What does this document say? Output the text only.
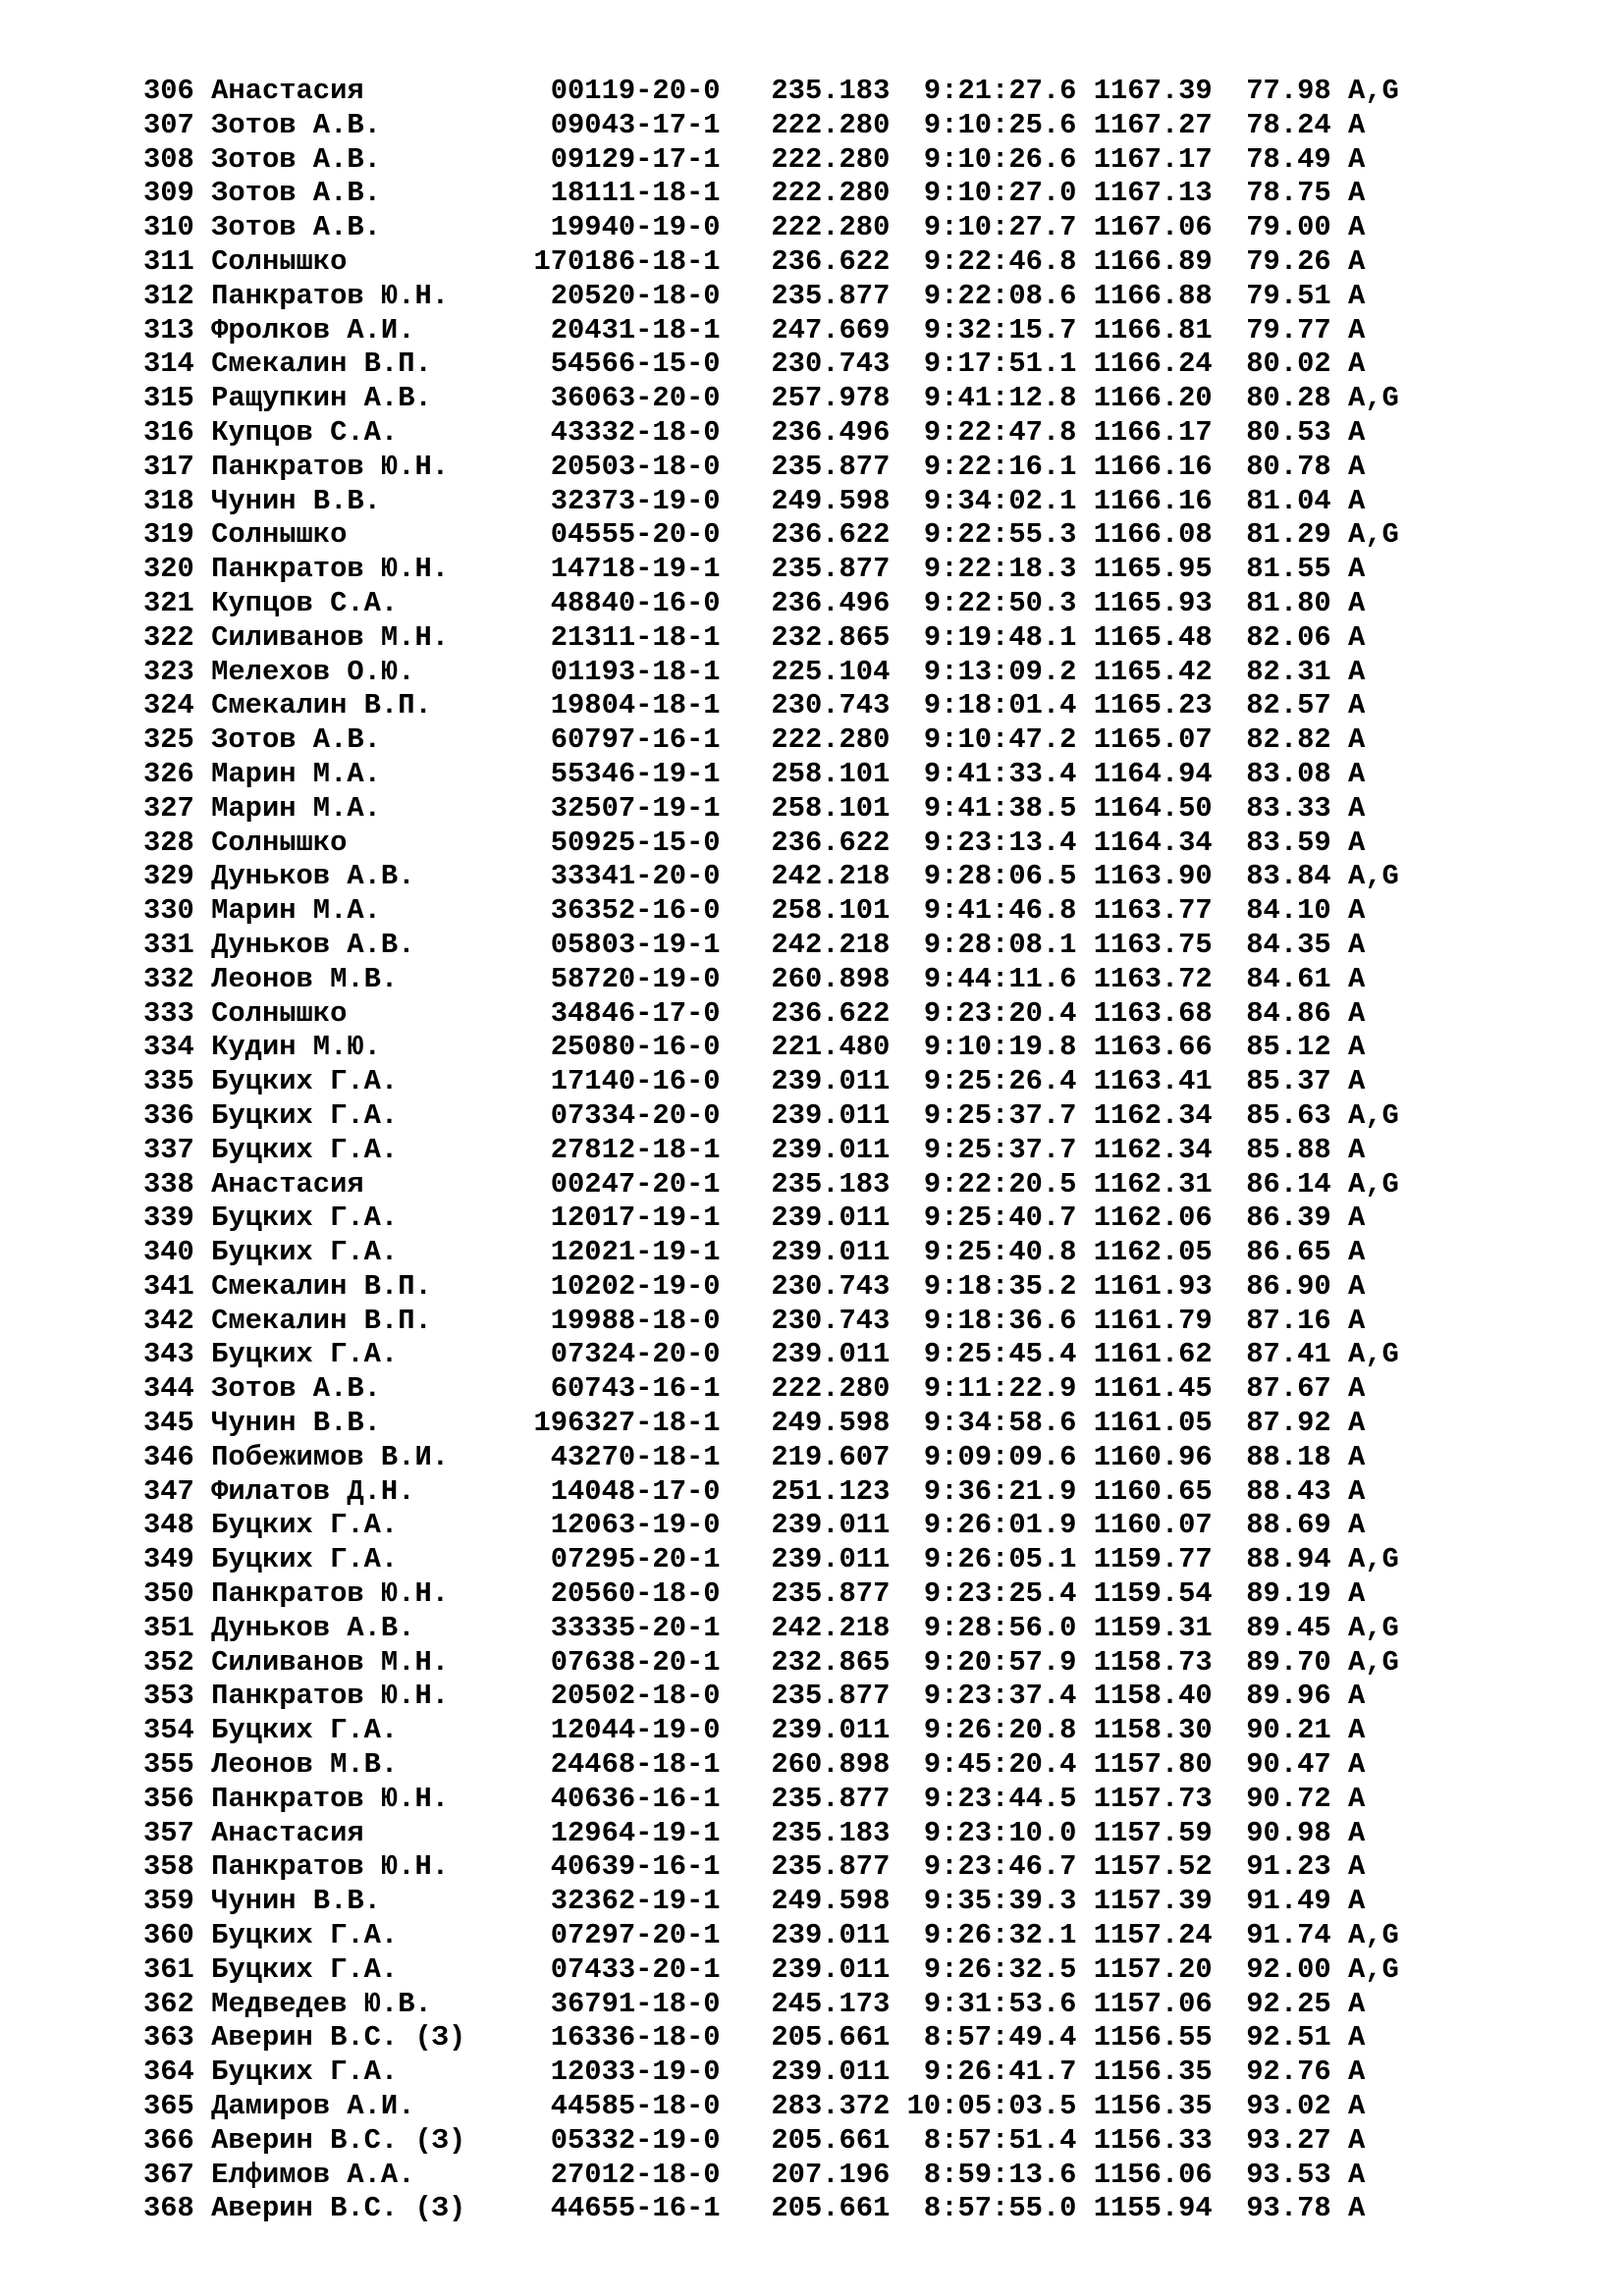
306 Анастасия           00119-20-0   235.183  9:21:27.6 1167.39  77.98 A,G
307 Зотов А.В.          09043-17-1   222.280  9:10:25.6 1167.27  78.24 A
308 Зотов А.В.          09129-17-1   222.280  9:10:26.6 1167.17  78.49 A
309 Зотов А.В.          18111-18-1   222.280  9:10:27.0 1167.13  78.75 A
310 Зотов А.В.          19940-19-0   222.280  9:10:27.7 1167.06  79.00 A
311 Солнышко           170186-18-1   236.622  9:22:46.8 1166.89  79.26 A
312 Панкратов Ю.Н.      20520-18-0   235.877  9:22:08.6 1166.88  79.51 A
313 Фролков А.И.        20431-18-1   247.669  9:32:15.7 1166.81  79.77 A
314 Смекалин В.П.       54566-15-0   230.743  9:17:51.1 1166.24  80.02 A
315 Ращупкин А.В.       36063-20-0   257.978  9:41:12.8 1166.20  80.28 A,G
316 Купцов С.А.         43332-18-0   236.496  9:22:47.8 1166.17  80.53 A
317 Панкратов Ю.Н.      20503-18-0   235.877  9:22:16.1 1166.16  80.78 A
318 Чунин В.В.          32373-19-0   249.598  9:34:02.1 1166.16  81.04 A
319 Солнышко            04555-20-0   236.622  9:22:55.3 1166.08  81.29 A,G
320 Панкратов Ю.Н.      14718-19-1   235.877  9:22:18.3 1165.95  81.55 A
321 Купцов С.А.         48840-16-0   236.496  9:22:50.3 1165.93  81.80 A
322 Силиванов М.Н.      21311-18-1   232.865  9:19:48.1 1165.48  82.06 A
323 Мелехов О.Ю.        01193-18-1   225.104  9:13:09.2 1165.42  82.31 A
324 Смекалин В.П.       19804-18-1   230.743  9:18:01.4 1165.23  82.57 A
325 Зотов А.В.          60797-16-1   222.280  9:10:47.2 1165.07  82.82 A
326 Марин М.А.          55346-19-1   258.101  9:41:33.4 1164.94  83.08 A
327 Марин М.А.          32507-19-1   258.101  9:41:38.5 1164.50  83.33 A
328 Солнышко            50925-15-0   236.622  9:23:13.4 1164.34  83.59 A
329 Дуньков А.В.        33341-20-0   242.218  9:28:06.5 1163.90  83.84 A,G
330 Марин М.А.          36352-16-0   258.101  9:41:46.8 1163.77  84.10 A
331 Дуньков А.В.        05803-19-1   242.218  9:28:08.1 1163.75  84.35 A
332 Леонов М.В.         58720-19-0   260.898  9:44:11.6 1163.72  84.61 A
333 Солнышко            34846-17-0   236.622  9:23:20.4 1163.68  84.86 A
334 Кудин М.Ю.          25080-16-0   221.480  9:10:19.8 1163.66  85.12 A
335 Буцких Г.А.         17140-16-0   239.011  9:25:26.4 1163.41  85.37 A
336 Буцких Г.А.         07334-20-0   239.011  9:25:37.7 1162.34  85.63 A,G
337 Буцких Г.А.         27812-18-1   239.011  9:25:37.7 1162.34  85.88 A
338 Анастасия           00247-20-1   235.183  9:22:20.5 1162.31  86.14 A,G
339 Буцких Г.А.         12017-19-1   239.011  9:25:40.7 1162.06  86.39 A
340 Буцких Г.А.         12021-19-1   239.011  9:25:40.8 1162.05  86.65 A
341 Смекалин В.П.       10202-19-0   230.743  9:18:35.2 1161.93  86.90 A
342 Смекалин В.П.       19988-18-0   230.743  9:18:36.6 1161.79  87.16 A
343 Буцких Г.А.         07324-20-0   239.011  9:25:45.4 1161.62  87.41 A,G
344 Зотов А.В.          60743-16-1   222.280  9:11:22.9 1161.45  87.67 A
345 Чунин В.В.         196327-18-1   249.598  9:34:58.6 1161.05  87.92 A
346 Побежимов В.И.      43270-18-1   219.607  9:09:09.6 1160.96  88.18 A
347 Филатов Д.Н.        14048-17-0   251.123  9:36:21.9 1160.65  88.43 A
348 Буцких Г.А.         12063-19-0   239.011  9:26:01.9 1160.07  88.69 A
349 Буцких Г.А.         07295-20-1   239.011  9:26:05.1 1159.77  88.94 A,G
350 Панкратов Ю.Н.      20560-18-0   235.877  9:23:25.4 1159.54  89.19 A
351 Дуньков А.В.        33335-20-1   242.218  9:28:56.0 1159.31  89.45 A,G
352 Силиванов М.Н.      07638-20-1   232.865  9:20:57.9 1158.73  89.70 A,G
353 Панкратов Ю.Н.      20502-18-0   235.877  9:23:37.4 1158.40  89.96 A
354 Буцких Г.А.         12044-19-0   239.011  9:26:20.8 1158.30  90.21 A
355 Леонов М.В.         24468-18-1   260.898  9:45:20.4 1157.80  90.47 A
356 Панкратов Ю.Н.      40636-16-1   235.877  9:23:44.5 1157.73  90.72 A
357 Анастасия           12964-19-1   235.183  9:23:10.0 1157.59  90.98 A
358 Панкратов Ю.Н.      40639-16-1   235.877  9:23:46.7 1157.52  91.23 A
359 Чунин В.В.          32362-19-1   249.598  9:35:39.3 1157.39  91.49 A
360 Буцких Г.А.         07297-20-1   239.011  9:26:32.1 1157.24  91.74 A,G
361 Буцких Г.А.         07433-20-1   239.011  9:26:32.5 1157.20  92.00 A,G
362 Медведев Ю.В.       36791-18-0   245.173  9:31:53.6 1157.06  92.25 A
363 Аверин В.С. (З)     16336-18-0   205.661  8:57:49.4 1156.55  92.51 A
364 Буцких Г.А.         12033-19-0   239.011  9:26:41.7 1156.35  92.76 A
365 Дамиров А.И.        44585-18-0   283.372 10:05:03.5 1156.35  93.02 A
366 Аверин В.С. (З)     05332-19-0   205.661  8:57:51.4 1156.33  93.27 A
367 Елфимов А.А.        27012-18-0   207.196  8:59:13.6 1156.06  93.53 A
368 Аверин В.С. (З)     44655-16-1   205.661  8:57:55.0 1155.94  93.78 A
